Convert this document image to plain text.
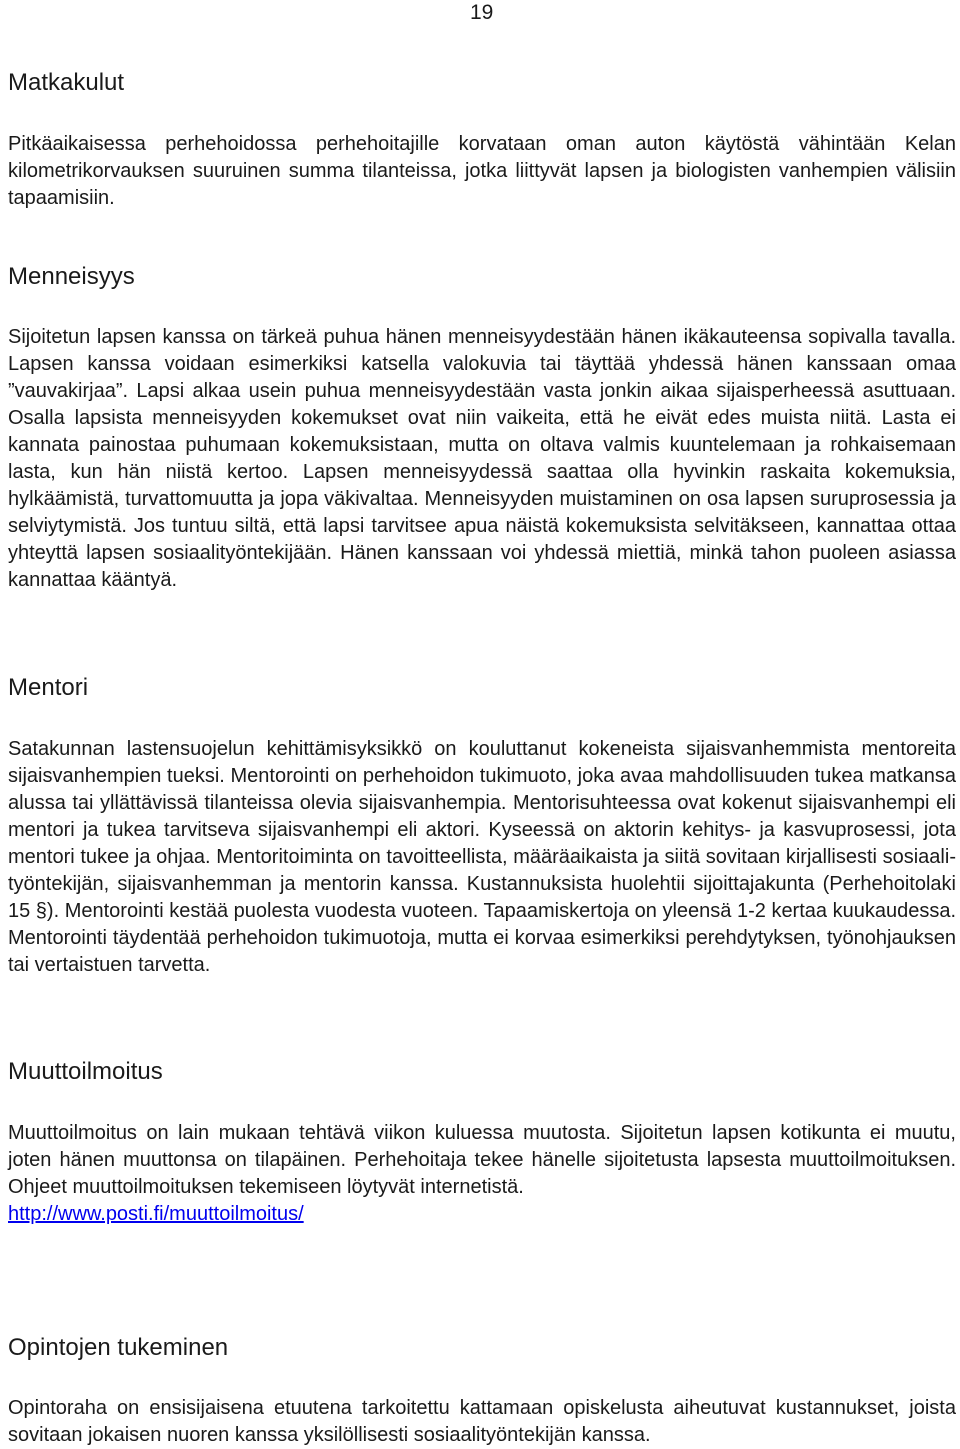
19
Matkakulut

Pitkäaikaisessa perhehoidossa perhehoitajille korvataan oman auton käytöstä vähintään Kelan kilometrikorvauksen suuruinen summa tilanteissa, jotka liittyvät lapsen ja biologisten vanhempien välisiin tapaamisiin.

Menneisyys

Sijoitetun lapsen kanssa on tärkeä puhua hänen menneisyydestään hänen ikäkauteensa sopivalla tavalla. Lapsen kanssa voidaan esimerkiksi katsella valokuvia tai täyttää yhdessä hänen kanssaan omaa ”vauvakirjaa”. Lapsi alkaa usein puhua menneisyydestään vasta jonkin aikaa sijaisperheessä asuttuaan. Osalla lapsista menneisyyden kokemukset ovat niin vaikeita, että he eivät edes muista niitä. Lasta ei kannata painostaa puhumaan kokemuksistaan, mutta on oltava valmis kuuntelemaan ja rohkaisemaan lasta, kun hän niistä kertoo. Lapsen menneisyydessä saattaa olla hyvinkin raskaita kokemuksia, hylkäämistä, turvattomuutta ja jopa väkivaltaa. Menneisyyden muistaminen on osa lapsen suruprosessia ja selviytymistä. Jos tuntuu siltä, että lapsi tarvitsee apua näistä kokemuksista selvitäkseen, kannattaa ottaa yhteyttä lapsen sosiaalityöntekijään. Hänen kanssaan voi yhdessä miettiä, minkä tahon puoleen asiassa kannattaa kääntyä.

Mentori

Satakunnan lastensuojelun kehittämisyksikkö on kouluttanut kokeneista sijaisvanhemmista mentoreita sijaisvanhempien tueksi. Mentorointi on perhehoidon tukimuoto, joka avaa mahdollisuuden tukea matkansa alussa tai yllättävissä tilanteissa olevia sijaisvanhempia. Mentorisuhteessa ovat kokenut sijaisvanhempi eli mentori ja tukea tarvitseva sijaisvanhempi eli aktori. Kyseessä on aktorin kehitys- ja kasvuprosessi, jota mentori tukee ja ohjaa. Mentoritoiminta on tavoitteellista, määräaikaista ja siitä sovitaan kirjallisesti sosiaalityöntekijän, sijaisvanhemman ja mentorin kanssa. Kustannuksista huolehtii sijoittajakunta (Perhehoitolaki 15 §). Mentorointi kestää puolesta vuodesta vuoteen. Tapaamiskertoja on yleensä 1-2 kertaa kuukaudessa. Mentorointi täydentää perhehoidon tukimuotoja, mutta ei korvaa esimerkiksi perehdytyksen, työnohjauksen tai vertaistuen tarvetta.

Muuttoilmoitus

Muuttoilmoitus on lain mukaan tehtävä viikon kuluessa muutosta. Sijoitetun lapsen kotikunta ei muutu, joten hänen muuttonsa on tilapäinen. Perhehoitaja tekee hänelle sijoitetusta lapsesta muuttoilmoituksen. Ohjeet muuttoilmoituksen tekemiseen löytyvät internetistä.

http://www.posti.fi/muuttoilmoitus/
Opintojen tukeminen

Opintoraha on ensisijaisena etuutena tarkoitettu kattamaan opiskelusta aiheutuvat kustannukset, joista sovitaan jokaisen nuoren kanssa yksilöllisesti sosiaalityöntekijän kanssa.
